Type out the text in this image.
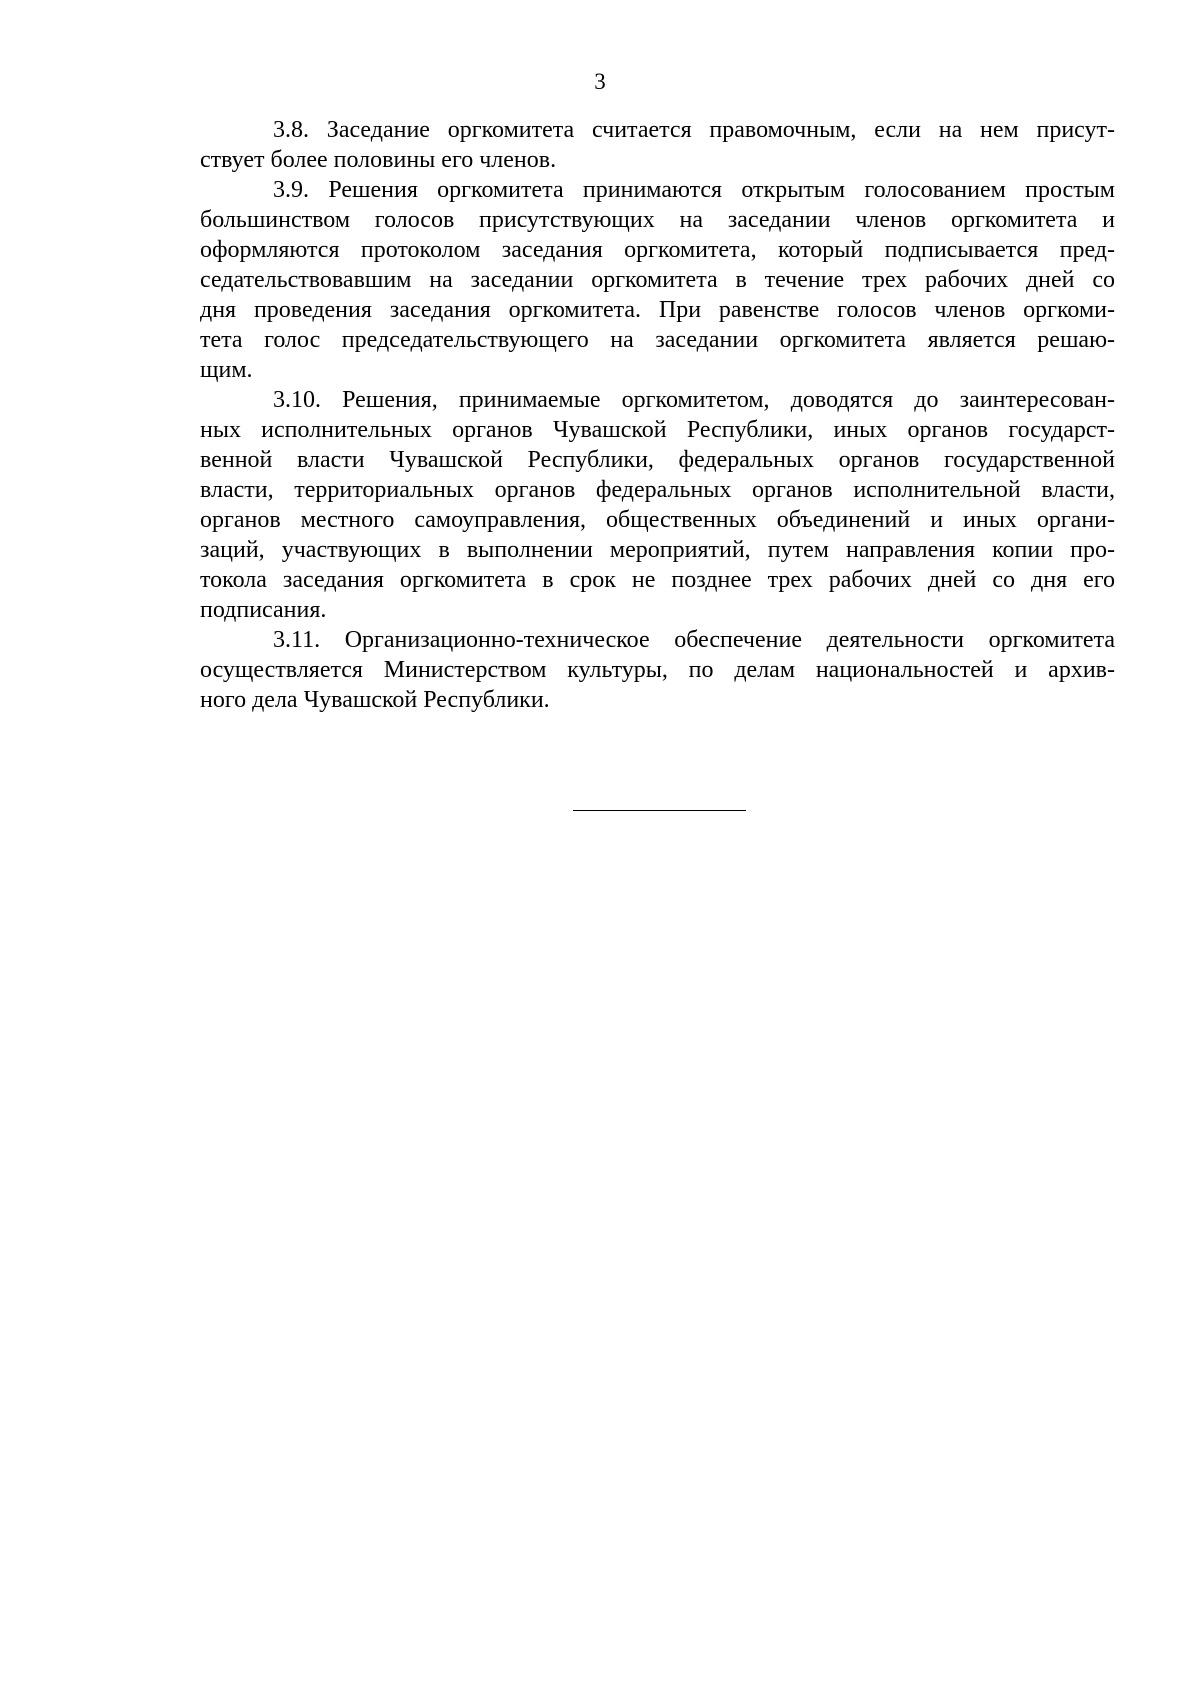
3

3.8. Заседание оргкомитета считается правомочным, если на нем присут-
ствует более половины его членов.

3.9. Решения оргкомитета принимаются открытым голосованием простым
большинством голосов присутствующих на заседании членов оргкомитета и
оформляются протоколом заседания оргкомитета, который подписывается пред-
седательствовавшим на заседании оргкомитета в течение трех рабочих дней со
дня проведения заседания оргкомитета. При равенстве голосов членов оргкоми-
тета голос председательствующего на заседании оргкомитета является решаю-
щим.

3.10. Решения, принимаемые оргкомитетом, доводятся до заинтересован-
ных исполнительных органов Чувашской Республики, иных органов государст-
венной власти Чувашской Республики, федеральных органов государственной
власти, территориальных органов федеральных органов исполнительной власти,
органов местного самоуправления, общественных объединений и иных органи-
заций, участвующих в выполнении мероприятий, путем направления копии про-
токола заседания оргкомитета в срок не позднее трех рабочих дней со дня его
подписания.

3.11. Организационно-техническое обеспечение деятельности оргкомитета
осуществляется Министерством культуры, по делам национальностей и архив-
ного дела Чувашской Республики.
